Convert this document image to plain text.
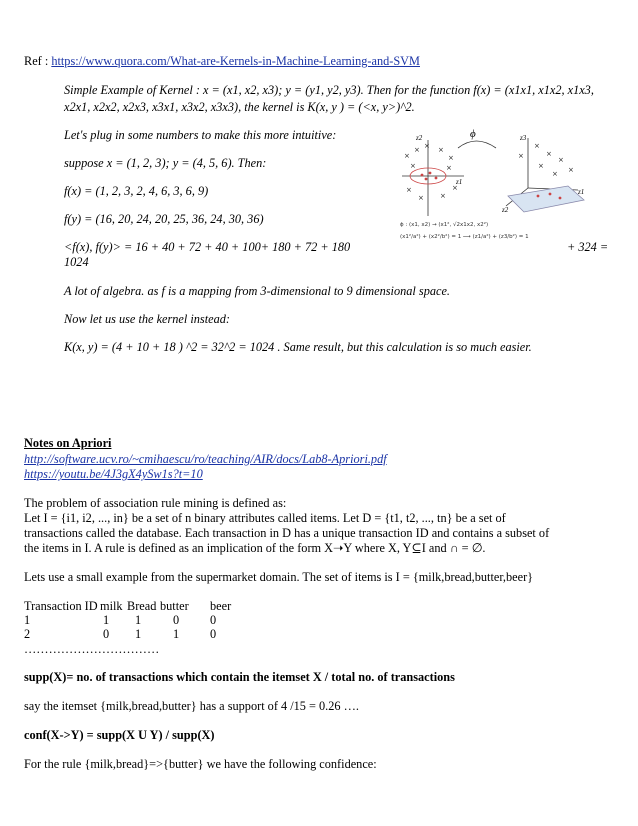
Ref : https://www.quora.com/What-are-Kernels-in-Machine-Learning-and-SVM
Simple Example of Kernel : x = (x1, x2, x3); y = (y1, y2, y3). Then for the function f(x) = (x1x1, x1x2, x1x3,
x2x1, x2x2, x2x3, x3x1, x3x2, x3x3), the kernel is K(x, y ) = (<x, y>)^2.
Let's plug in some numbers to make this more intuitive:
suppose x = (1, 2, 3); y = (4, 5, 6). Then:
f(x) = (1, 2, 3, 2, 4, 6, 3, 6, 9)
f(y) = (16, 20, 24, 20, 25, 36, 24, 30, 36)
<f(x), f(y)> = 16 + 40 + 72 + 40 + 100+ 180 + 72 + 180	+ 324 =
1024
A lot of algebra. as f is a mapping from 3-dimensional to 9 dimensional space.
Now let us use the kernel instead:
K(x, y) = (4 + 10 + 18 ) ^2 = 32^2 = 1024 . Same result, but this calculation is so much easier.
×
× × ×
×
×
× ×
×
×	×
z2
z1
ϕ
×
×
×
×	×
×
×
z3
z1
z2
ϕ : (x1, x2) → (x1², √2x1x2, x2²)
(x1²/a²) + (x2²/b²) = 1 ⟶ (z1/a²) + (z3/b²) = 1
Notes on Apriori
http://software.ucv.ro/~cmihaescu/ro/teaching/AIR/docs/Lab8-Apriori.pdf
https://youtu.be/4J3gX4ySw1s?t=10
The problem of association rule mining is defined as:
Let I = {i1, i2, ..., in} be a set of n binary attributes called items. Let D = {t1, t2, ..., tn} be a set of
transactions called the database. Each transaction in D has a unique transaction ID and contains a subset of
the items in I. A rule is defined as an implication of the form X➝Y where X, Y⊆I and ∩ = ∅.
Lets use a small example from the supermarket domain. The set of items is I = {milk,bread,butter,beer}
Transaction ID milk Bread butter beer
1	1 1	0	0
2	0 1	1	0
……………………………
supp(X)= no. of transactions which contain the itemset X / total no. of transactions
say the itemset {milk,bread,butter} has a support of 4 /15 = 0.26 ….
conf(X->Y) = supp(X U Y) / supp(X)
For the rule {milk,bread}=>{butter} we have the following confidence:
